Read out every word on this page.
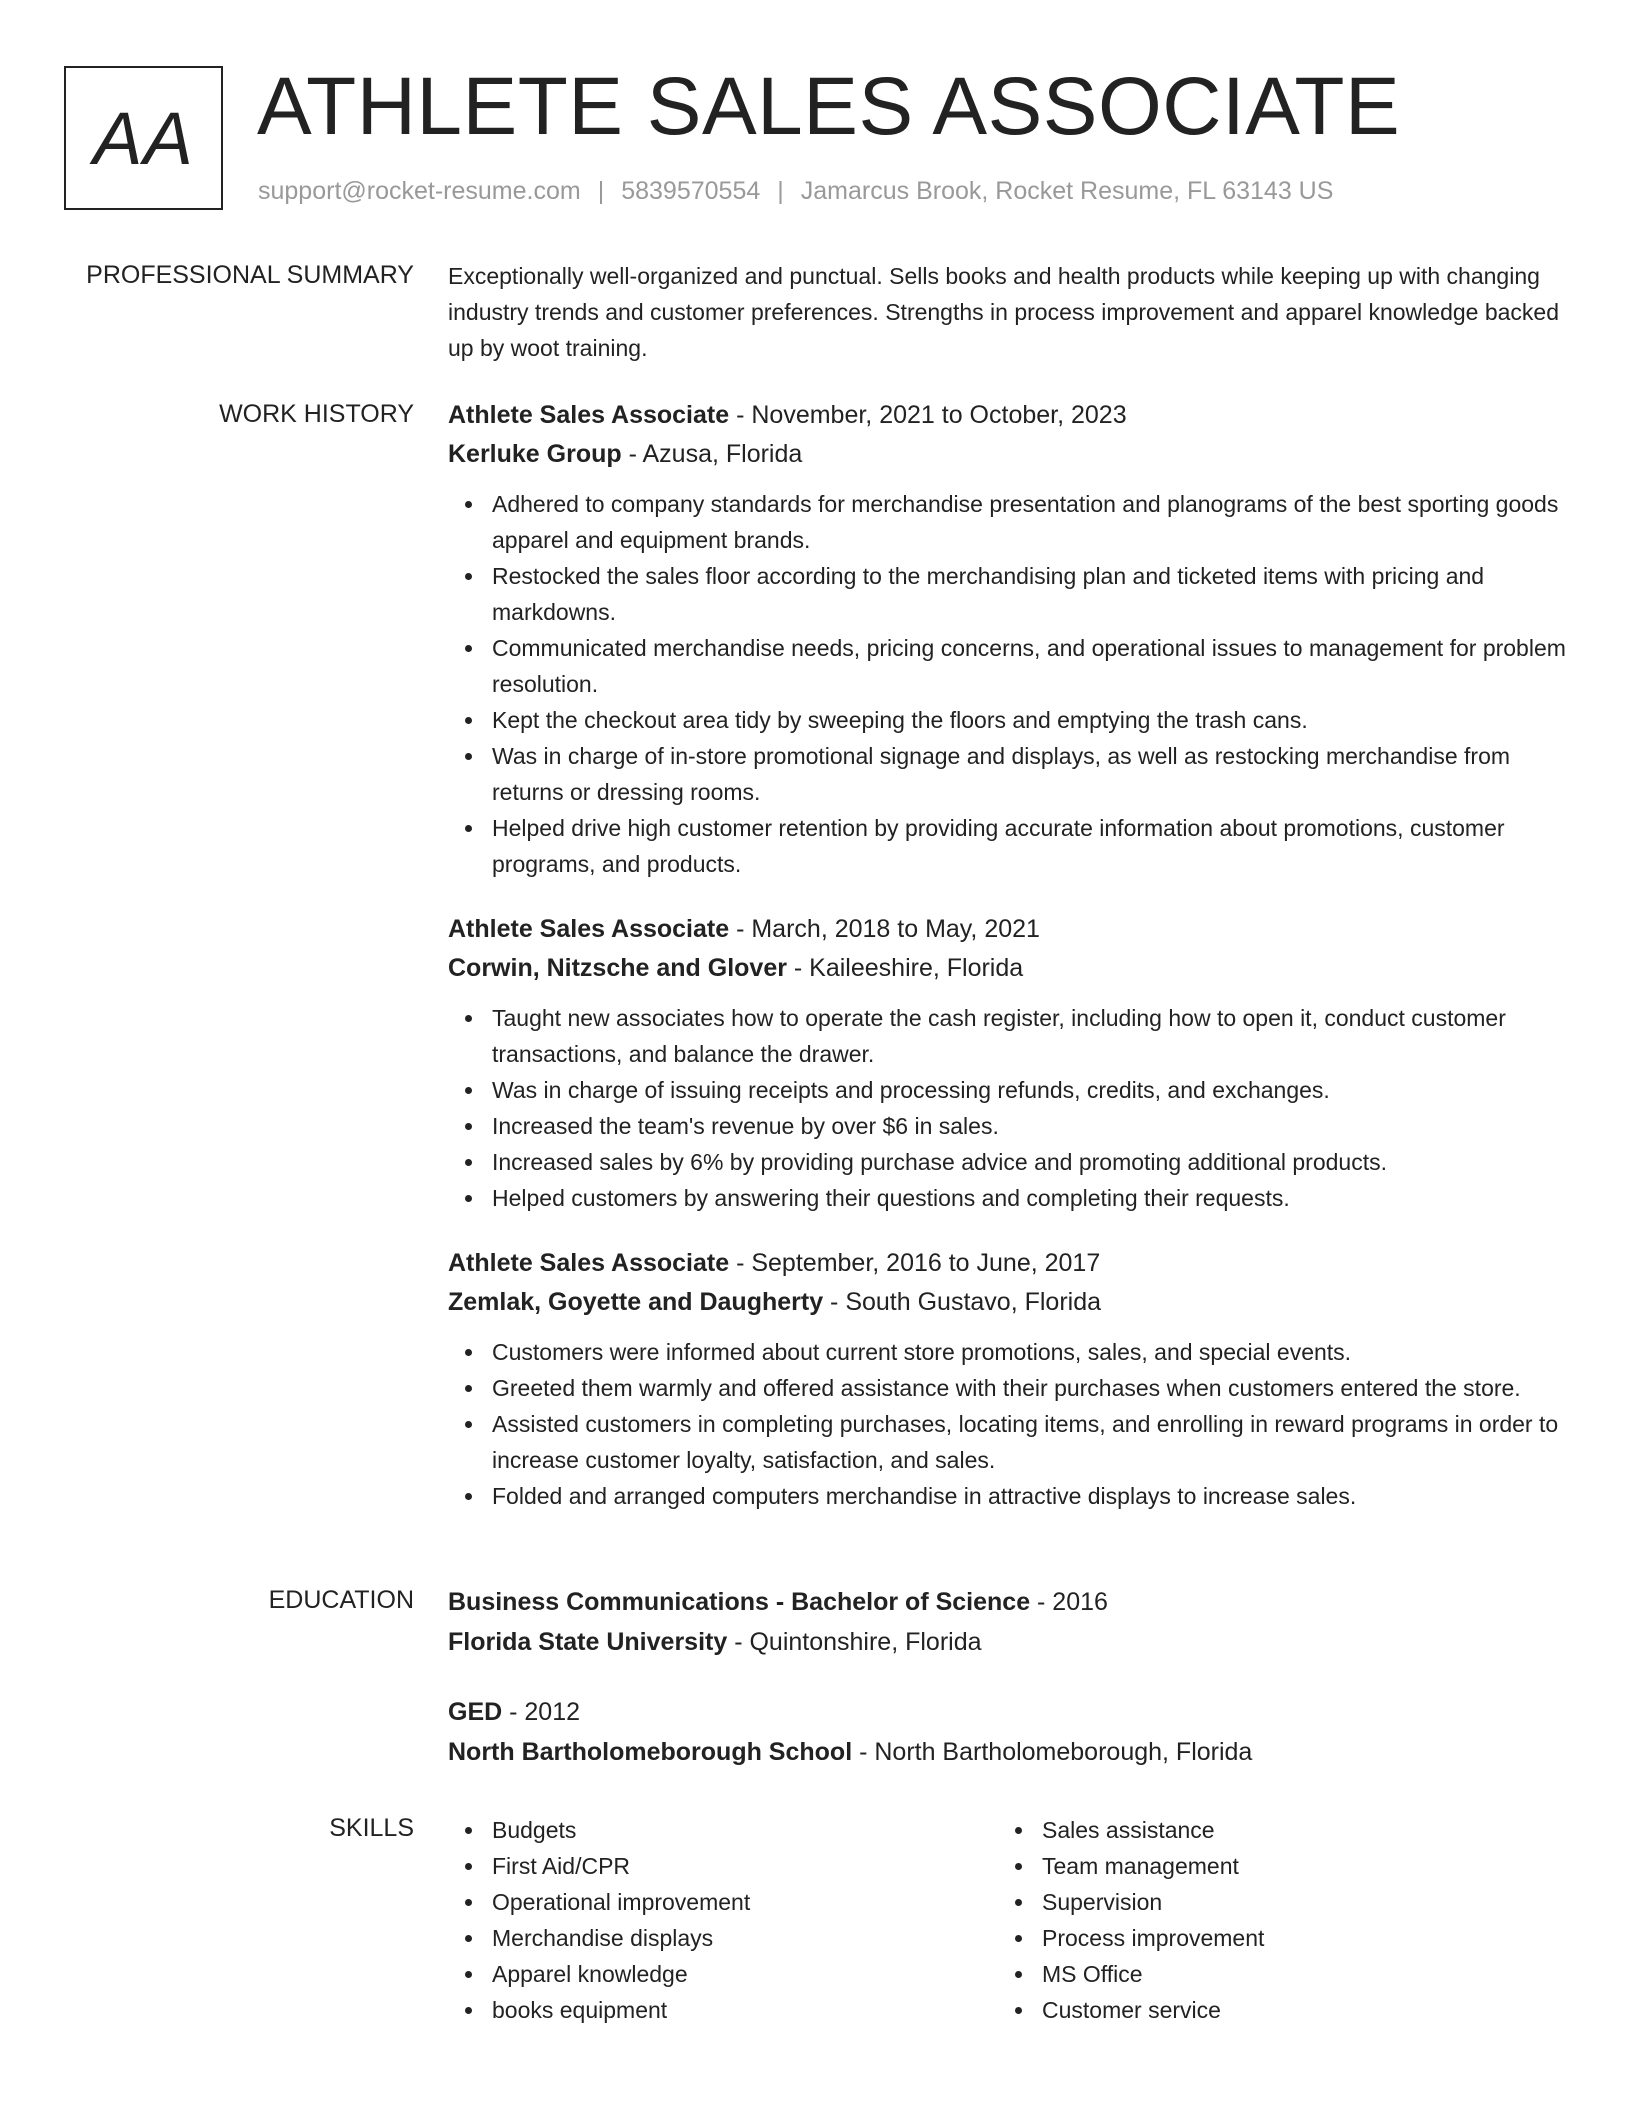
AA ATHLETE SALES ASSOCIATE
support@rocket-resume.com | 5839570554 | Jamarcus Brook, Rocket Resume, FL 63143 US
PROFESSIONAL SUMMARY Exceptionally well-organized and punctual. Sells books and health products while keeping up with changing industry trends and customer preferences. Strengths in process improvement and apparel knowledge backed up by woot training.

WORK HISTORY Athlete Sales Associate - November, 2021 to October, 2023
Kerluke Group - Azusa, Florida
Adhered to company standards for merchandise presentation and planograms of the best sporting goods apparel and equipment brands.
Restocked the sales floor according to the merchandising plan and ticketed items with pricing and markdowns.
Communicated merchandise needs, pricing concerns, and operational issues to management for problem resolution.
Kept the checkout area tidy by sweeping the floors and emptying the trash cans.
Was in charge of in-store promotional signage and displays, as well as restocking merchandise from returns or dressing rooms.
Helped drive high customer retention by providing accurate information about promotions, customer programs, and products.
Athlete Sales Associate - March, 2018 to May, 2021
Corwin, Nitzsche and Glover - Kaileeshire, Florida
Taught new associates how to operate the cash register, including how to open it, conduct customer transactions, and balance the drawer.
Was in charge of issuing receipts and processing refunds, credits, and exchanges.
Increased the team's revenue by over $6 in sales.
Increased sales by 6% by providing purchase advice and promoting additional products.
Helped customers by answering their questions and completing their requests.
Athlete Sales Associate - September, 2016 to June, 2017
Zemlak, Goyette and Daugherty - South Gustavo, Florida
Customers were informed about current store promotions, sales, and special events.
Greeted them warmly and offered assistance with their purchases when customers entered the store.
Assisted customers in completing purchases, locating items, and enrolling in reward programs in order to increase customer loyalty, satisfaction, and sales.
Folded and arranged computers merchandise in attractive displays to increase sales.
EDUCATION Business Communications - Bachelor of Science - 2016
Florida State University - Quintonshire, Florida
GED - 2012
North Bartholomeborough School - North Bartholomeborough, Florida
SKILLS	Budgets
First Aid/CPR
Operational improvement
Merchandise displays
Apparel knowledge
books equipment
Sales assistance
Team management
Supervision
Process improvement
MS Office
Customer service
